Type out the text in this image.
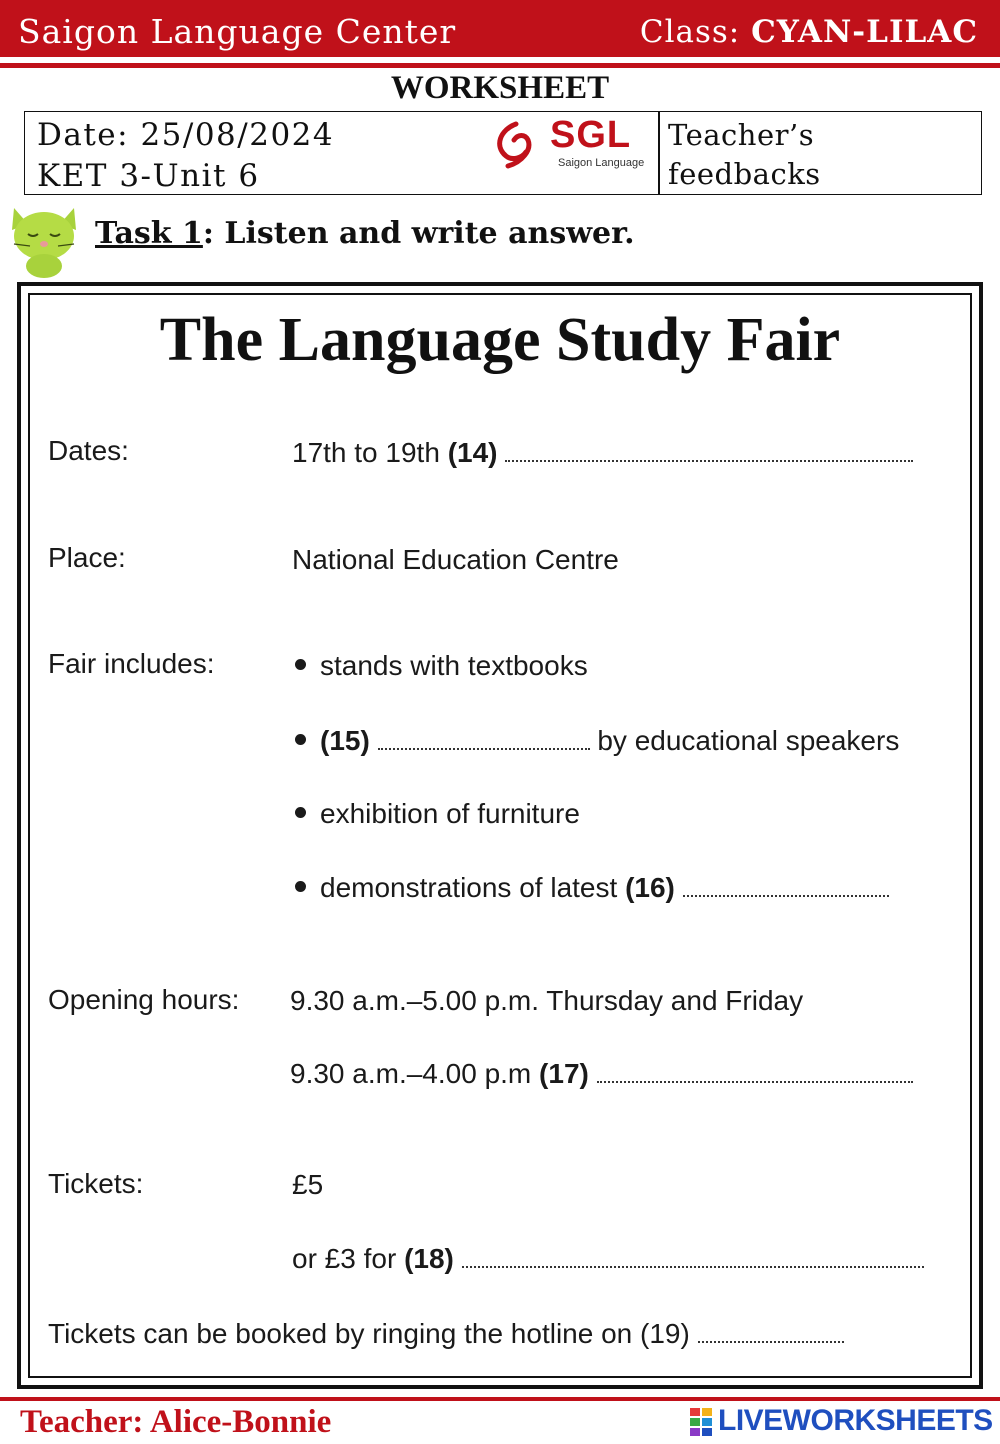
Saigon Language Center	Class: CYAN-LILAC
WORKSHEET
Date: 25/08/2024
KET 3-Unit 6
Teacher’s
feedbacks
SGL
Saigon Language
Task 1: Listen and write answer.
The Language Study Fair
Dates:	17th to 19th (14)
Place:	National Education Centre
Fair includes:	stands with textbooks
(15)	by educational speakers
exhibition of furniture
demonstrations of latest (16)
Opening hours: 9.30 a.m.–5.00 p.m. Thursday and Friday
9.30 a.m.–4.00 p.m (17)
Tickets:	£5
or £3 for (18)
Tickets can be booked by ringing the hotline on (19)
Teacher: Alice-Bonnie	LIVEWORKSHEETS
